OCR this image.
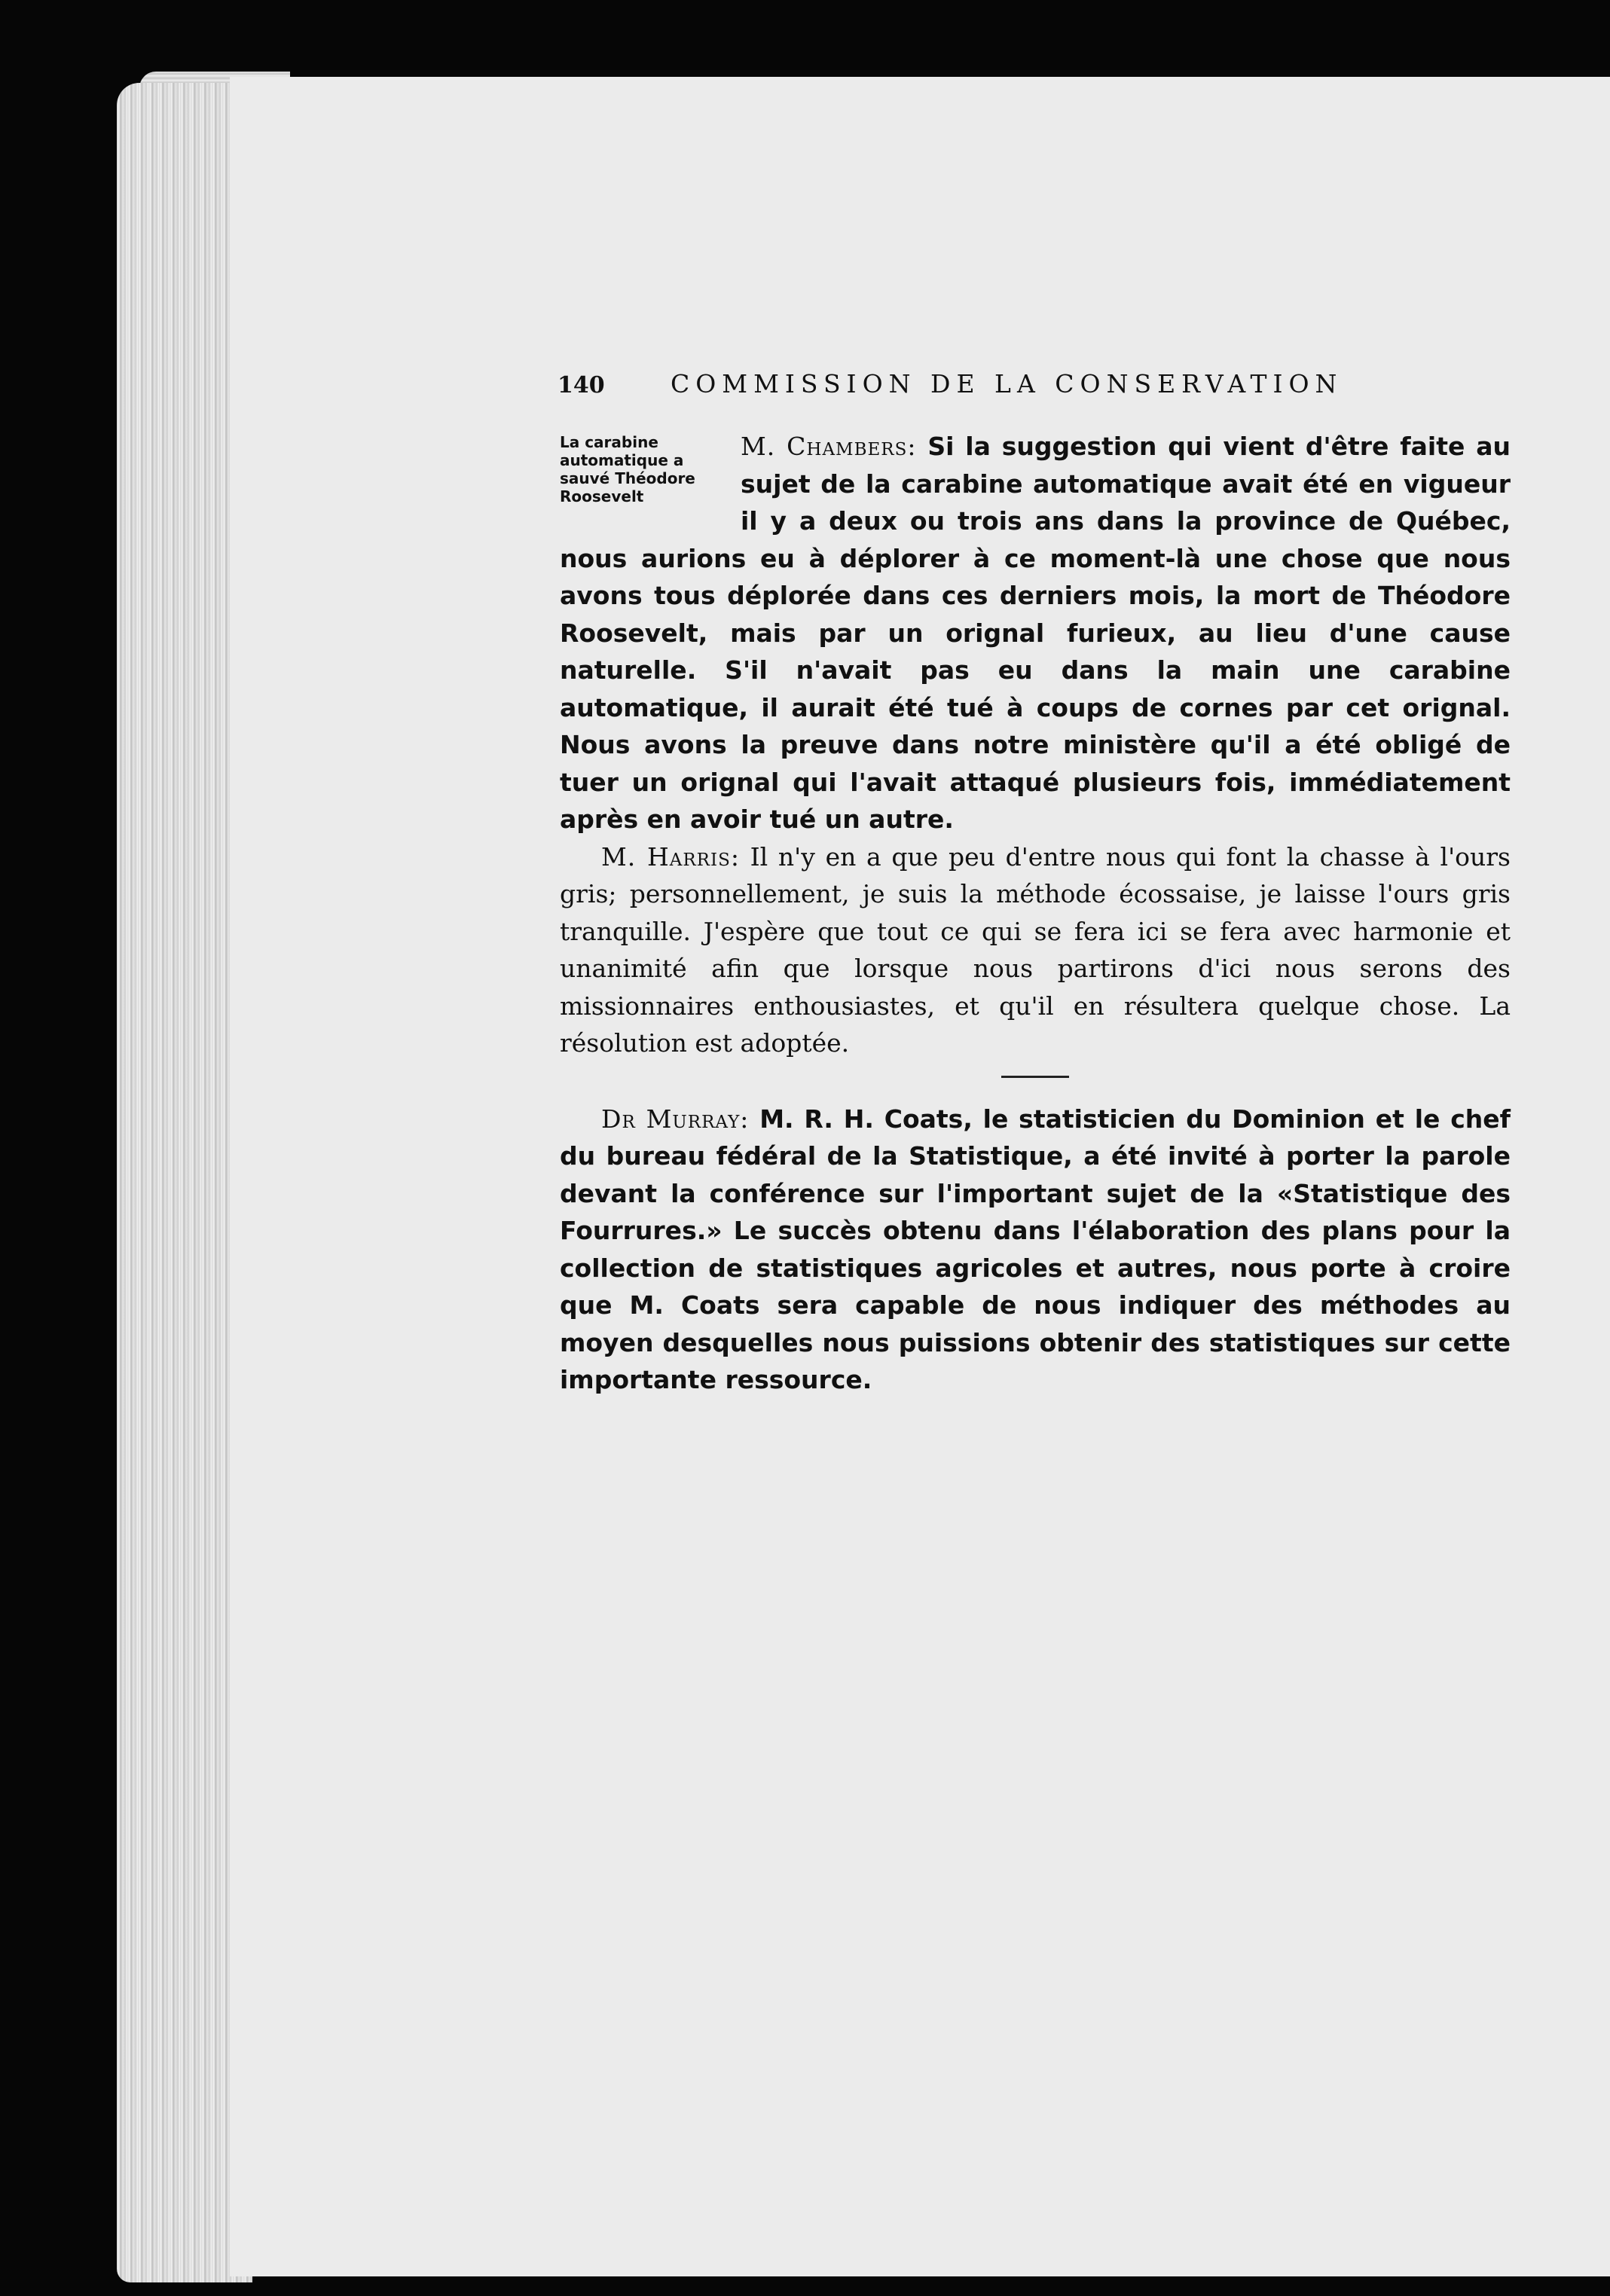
140	COMMISSION DE LA CONSERVATION
La carabine
automatique a
sauvé Théodore
Roosevelt

M. Chambers: Si la suggestion qui vient d'être faite au sujet de la carabine automatique avait été en vigueur il y a deux ou trois ans dans la province de Québec, nous aurions eu à déplorer à ce moment-là une chose que nous avons tous déplorée dans ces derniers mois, la mort de Théodore Roosevelt, mais par un orignal furieux, au lieu d'une cause naturelle. S'il n'avait pas eu dans la main une carabine automatique, il aurait été tué à coups de cornes par cet orignal. Nous avons la preuve dans notre ministère qu'il a été obligé de tuer un orignal qui l'avait attaqué plusieurs fois, immédiatement après en avoir tué un autre.

M. Harris: Il n'y en a que peu d'entre nous qui font la chasse à l'ours gris; personnellement, je suis la méthode écossaise, je laisse l'ours gris tranquille. J'espère que tout ce qui se fera ici se fera avec harmonie et unanimité afin que lorsque nous partirons d'ici nous serons des missionnaires enthousiastes, et qu'il en résultera quelque chose. La résolution est adoptée.

Dr Murray: M. R. H. Coats, le statisticien du Dominion et le chef du bureau fédéral de la Statistique, a été invité à porter la parole devant la conférence sur l'important sujet de la «Statistique des Fourrures.» Le succès obtenu dans l'élaboration des plans pour la collection de statistiques agricoles et autres, nous porte à croire que M. Coats sera capable de nous indiquer des méthodes au moyen desquelles nous puissions obtenir des statistiques sur cette importante ressource.
